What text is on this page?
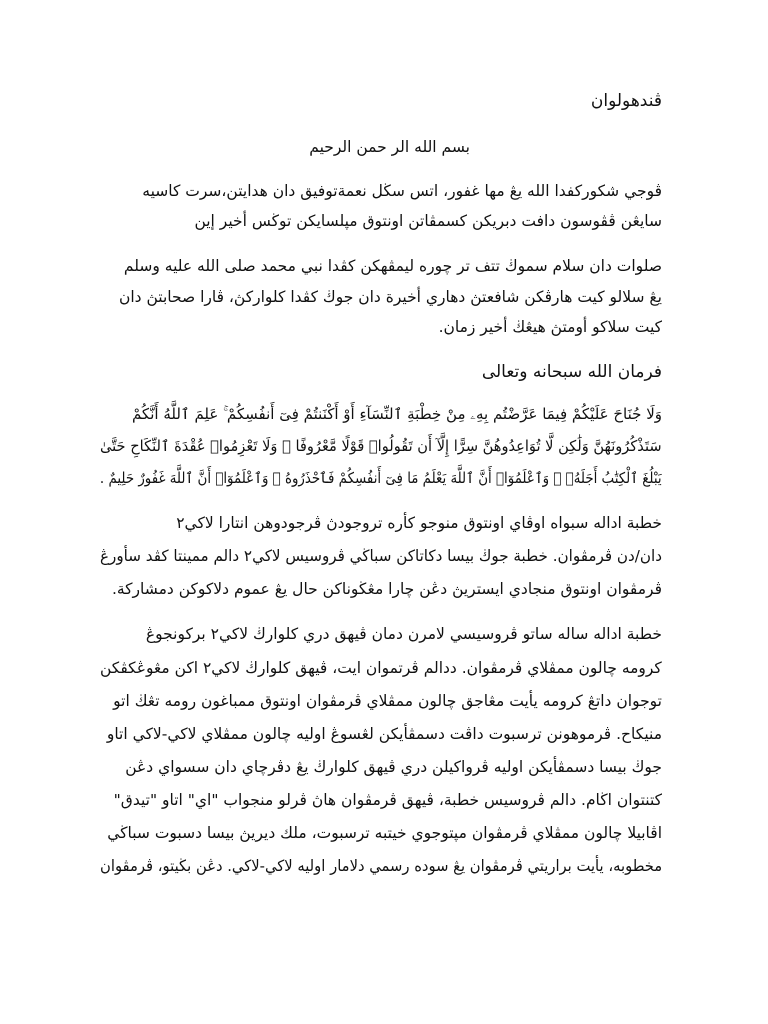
ڤندهولوان
بسم الله الر حمن الرحيم
ڤوجي شكوركفدا الله يڠ مها غفور، اتس سڬل نعمةتوفيق دان هدايتن،سرت كاسيه
سايڠن ڤڤوسون دافت دبريكن كسمڤاتن اونتوق مپلسايكن توڬس أخير إين
صلوات دان سلام سموڬ تتف تر چوره ليمڤهكن كڤدا نبي محمد صلى الله عليه وسلم
يڠ سلالو كيت هارڤكن شافعتڽ دهاري أخيرة دان جوڬ كڤدا كلواركڽ، ڤارا صحابتڽ دان
كيت سلاكو أومتڽ هيڠڬ أخير زمان.
فرمان الله سبحانه وتعالى
وَلَا جُنَاحَ عَلَيْكُمْ فِيمَا عَرَّضْتُم بِهِۦ مِنْ خِطْبَةِ ٱلنِّسَآءِ أَوْ أَكْنَنتُمْ فِىٓ أَنفُسِكُمْ ۚ عَلِمَ ٱللَّهُ أَنَّكُمْ
سَتَذْكُرُونَهُنَّ وَلَٰكِن لَّا تُوَاعِدُوهُنَّ سِرًّا إِلَّآ أَن تَقُولُوا۟ قَوْلًا مَّعْرُوفًا ۚ وَلَا تَعْزِمُوا۟ عُقْدَةَ ٱلنِّكَاحِ حَتَّىٰ
يَبْلُغَ ٱلْكِتَٰبُ أَجَلَهُۥ ۚ وَٱعْلَمُوٓا۟ أَنَّ ٱللَّهَ يَعْلَمُ مَا فِىٓ أَنفُسِكُمْ فَٱحْذَرُوهُ ۚ وَٱعْلَمُوٓا۟ أَنَّ ٱللَّهَ غَفُورٌ حَلِيمٌ .
خطبة اداله سبواه اوڤاي اونتوق منوجو كأره تروجودڽ ڤرجودوهن انتارا لاكي٢
دان/دن ڤرمڤوان. خطبة جوڬ بيسا دكاتاكن سباڬي ڤروسيس لاكي٢ دالم ممينتا كڤد سأورڠ
ڤرمڤوان اونتوق منجادي ايستريڽ دڠن چارا مڠڬوناكن حال يڠ عموم دلاكوكن دمشاركة.
خطبة اداله ساله ساتو ڤروسيسي لامرن دمان ڤيهق دري كلوارڬ لاكي٢ بركونجوڠ
كرومه چالون ممڤلاي ڤرمڤوان. ددالم ڤرتموان ايت، ڤيهق كلوارڬ لاكي٢ اكن مڠوڠكڤكن
توجوان داتڠ كرومه يأيت مڠاجق چالون ممڤلاي ڤرمڤوان اونتوق ممباغون رومه تڠڬ اتو
منيكاح. ڤرموهونن ترسبوت داڤت دسمڤأيكن لڠسوڠ اوليه چالون ممڤلاي لاكي-لاكي اتاو
جوڬ بيسا دسمڤأيكن اوليه ڤرواكيلن دري ڤيهق كلوارڬ يڠ دڤرچاي دان سسواي دڠن
كتنتوان اڬام. دالم ڤروسيس خطبة، ڤيهق ڤرمڤوان هاڽ ڤرلو منجواب "اي" اتاو "تيدق"
اڤابيلا چالون ممڤلاي ڤرمڤوان مڽتوجوي خيتبه ترسبوت، ملك ديريڽ بيسا دسبوت سباڬي
مخطوبه، يأيت براريتي ڤرمڤوان يڠ سوده رسمي دلامار اوليه لاكي-لاكي. دڠن بڬيتو، ڤرمڤوان
